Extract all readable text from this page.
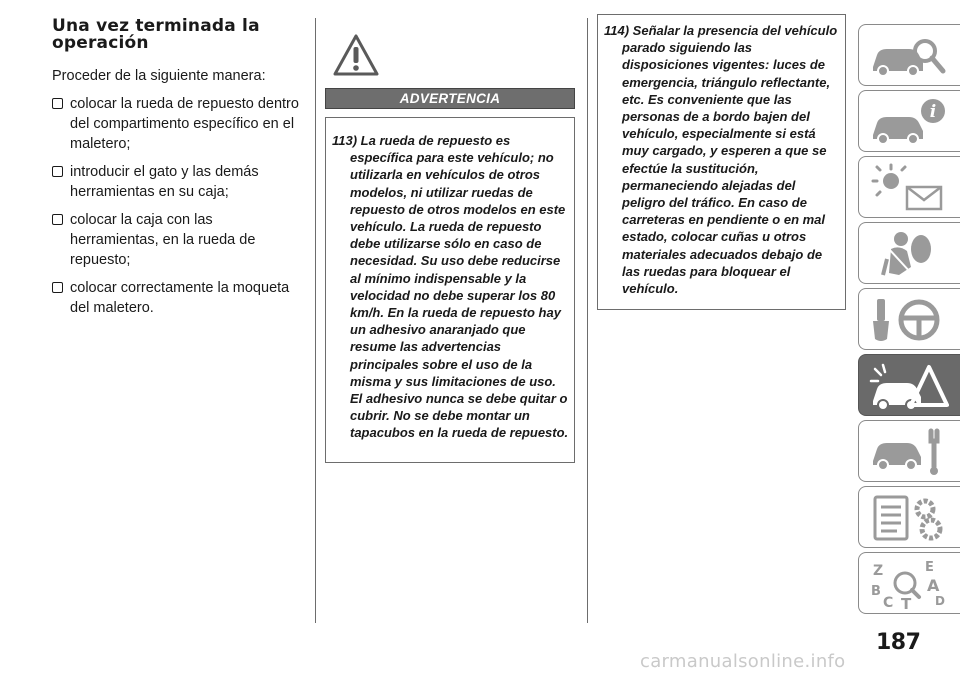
Una vez terminada la
operación

Proceder de la siguiente manera:

colocar la rueda de repuesto dentro del compartimento específico en el maletero;
introducir el gato y las demás herramientas en su caja;
colocar la caja con las herramientas, en la rueda de repuesto;
colocar correctamente la moqueta del maletero.
ADVERTENCIA

113) La rueda de repuesto es específica para este vehículo; no utilizarla en vehículos de otros modelos, ni utilizar ruedas de repuesto de otros modelos en este vehículo. La rueda de repuesto debe utilizarse sólo en caso de necesidad. Su uso debe reducirse al mínimo indispensable y la velocidad no debe superar los 80 km/h. En la rueda de repuesto hay un adhesivo anaranjado que resume las advertencias principales sobre el uso de la misma y sus limitaciones de uso. El adhesivo nunca se debe quitar o cubrir. No se debe montar un tapacubos en la rueda de repuesto.

114) Señalar la presencia del vehículo parado siguiendo las disposiciones vigentes: luces de emergencia, triángulo reflectante, etc. Es conveniente que las personas de a bordo bajen del vehículo, especialmente si está muy cargado, y esperen a que se efectúe la sustitución, permaneciendo alejadas del peligro del tráfico. En caso de carreteras en pendiente o en mal estado, colocar cuñas u otros materiales adecuados debajo de las ruedas para bloquear el vehículo.

i
Z	E
B	A
C T D
187
carmanualsonline.info
